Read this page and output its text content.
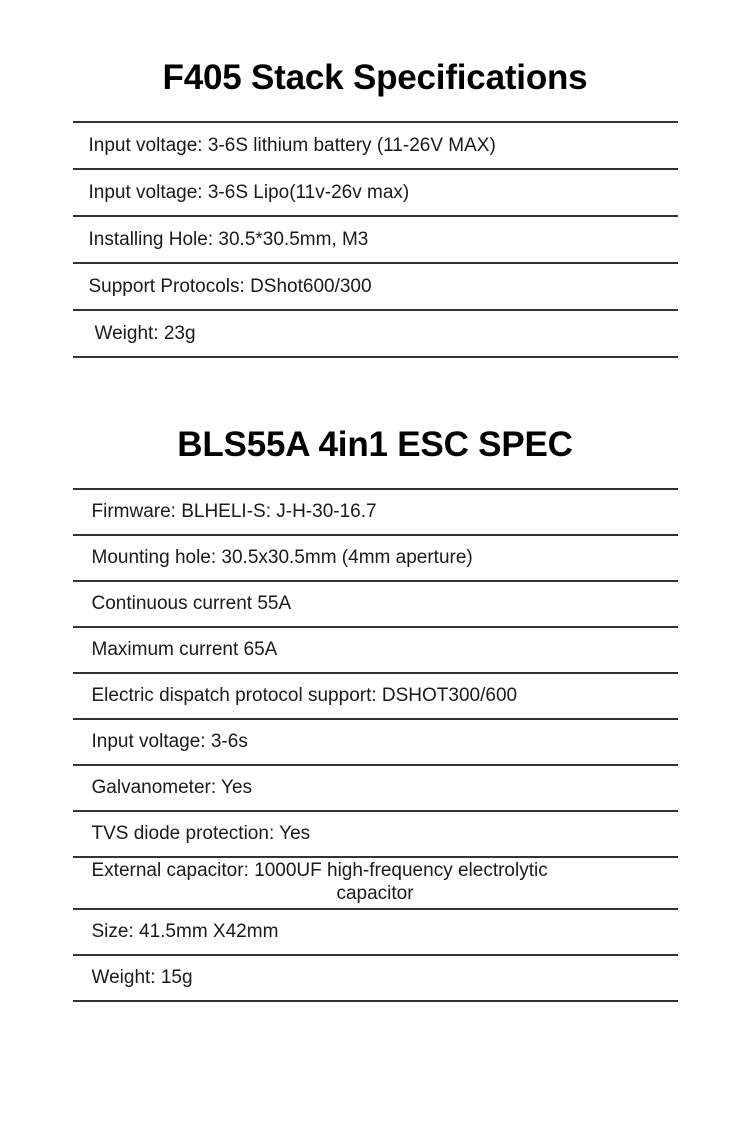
F405 Stack Specifications
Input voltage: 3-6S lithium battery (11-26V MAX)
Input voltage: 3-6S Lipo(11v-26v max)
Installing Hole: 30.5*30.5mm, M3
Support Protocols: DShot600/300
Weight: 23g
BLS55A 4in1 ESC SPEC
Firmware: BLHELI-S: J-H-30-16.7
Mounting hole: 30.5x30.5mm (4mm aperture)
Continuous current 55A
Maximum current 65A
Electric dispatch protocol support: DSHOT300/600
Input voltage: 3-6s
Galvanometer: Yes
TVS diode protection: Yes

External capacitor: 1000UF high-frequency electrolytic
capacitor

Size: 41.5mm X42mm
Weight: 15g
